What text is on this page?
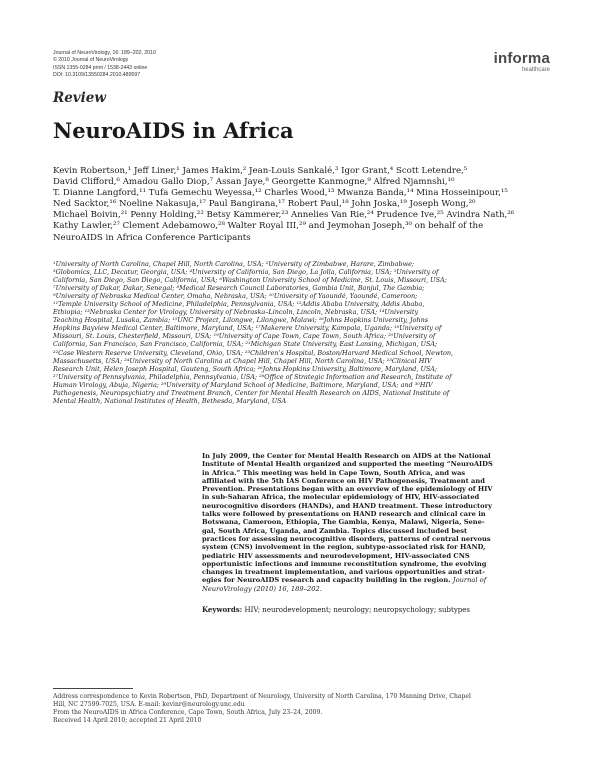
Journal of NeuroVirology, 16: 189–202, 2010
© 2010 Journal of NeuroVirology
ISSN 1355-0284 print / 1538-2443 online
DOI: 10.3109/13550284.2010.489597
informa
healthcare
Review
NeuroAIDS in Africa
Kevin Robertson,¹ Jeff Liner,¹ James Hakim,² Jean-Louis Sankalé,³ Igor Grant,⁴ Scott Letendre,⁵
David Clifford,⁶ Amadou Gallo Diop,⁷ Assan Jaye,⁸ Georgette Kanmogne,⁹ Alfred Njamnshi,¹⁰
T. Dianne Langford,¹¹ Tufa Gemechu Weyessa,¹² Charles Wood,¹³ Mwanza Banda,¹⁴ Mina Hosseinipour,¹⁵
Ned Sacktor,¹⁶ Noeline Nakasuja,¹⁷ Paul Bangirana,¹⁷ Robert Paul,¹⁸ John Joska,¹⁹ Joseph Wong,²⁰
Michael Boivin,²¹ Penny Holding,²² Betsy Kammerer,²³ Annelies Van Rie,²⁴ Prudence Ive,²⁵ Avindra Nath,²⁶
Kathy Lawler,²⁷ Clement Adebamowo,²⁸ Walter Royal III,²⁹ and Jeymohan Joseph,³⁰ on behalf of the
NeuroAIDS in Africa Conference Participants
¹University of North Carolina, Chapel Hill, North Carolina, USA; ²University of Zimbabwe, Harare, Zimbabwe;
³Globomics, LLC, Decatur, Georgia, USA; ⁴University of California, San Diego, La Jolla, California, USA; ⁵University of
California, San Diego, San Diego, California, USA; ⁶Washington University School of Medicine, St. Louis, Missouri, USA;
⁷University of Dakar, Dakar, Senegal; ⁸Medical Research Council Laboratories, Gambia Unit, Banjul, The Gambia;
⁹University of Nebraska Medical Center, Omaha, Nebraska, USA; ¹⁰University of Yaoundé, Yaoundé, Cameroon;
¹¹Temple University School of Medicine, Philadelphia, Pennsylvania, USA; ¹²Addis Ababa University, Addis Ababa,
Ethiopia; ¹³Nebraska Center for Virology, University of Nebraska–Lincoln, Lincoln, Nebraska, USA; ¹⁴University
Teaching Hospital, Lusaka, Zambia; ¹⁵UNC Project, Lilongwe, Lilongwe, Malawi; ¹⁶Johns Hopkins University, Johns
Hopkins Bayview Medical Center, Baltimore, Maryland, USA; ¹⁷Makerere University, Kampala, Uganda; ¹⁸University of
Missouri, St. Louis, Chesterfield, Missouri, USA; ¹⁹University of Cape Town, Cape Town, South Africa; ²⁰University of
California, San Francisco, San Francisco, California, USA; ²¹Michigan State University, East Lansing, Michigan, USA;
²²Case Western Reserve University, Cleveland, Ohio, USA; ²³Children’s Hospital, Boston/Harvard Medical School, Newton,
Massachusetts, USA; ²⁴University of North Carolina at Chapel Hill, Chapel Hill, North Carolina, USA; ²⁵Clinical HIV
Research Unit, Helen Joseph Hospital, Gauteng, South Africa; ²⁶Johns Hopkins University, Baltimore, Maryland, USA;
²⁷University of Pennsylvania, Philadelphia, Pennsylvania, USA; ²⁸Office of Strategic Information and Research, Institute of
Human Virology, Abuja, Nigeria; ²⁹University of Maryland School of Medicine, Baltimore, Maryland, USA; and ³⁰HIV
Pathogenesis, Neuropsychiatry and Treatment Branch, Center for Mental Health Research on AIDS, National Institute of
Mental Health, National Institutes of Health, Bethesda, Maryland, USA
In July 2009, the Center for Mental Health Research on AIDS at the National
Institute of Mental Health organized and supported the meeting “NeuroAIDS
in Africa.” This meeting was held in Cape Town, South Africa, and was
affiliated with the 5th IAS Conference on HIV Pathogenesis, Treatment and
Prevention. Presentations began with an overview of the epidemiology of HIV
in sub-Saharan Africa, the molecular epidemiology of HIV, HIV-associated
neurocognitive disorders (HANDs), and HAND treatment. These introductory
talks were followed by presentations on HAND research and clinical care in
Botswana, Cameroon, Ethiopia, The Gambia, Kenya, Malawi, Nigeria, Sene-
gal, South Africa, Uganda, and Zambia. Topics discussed included best
practices for assessing neurocognitive disorders, patterns of central nervous
system (CNS) involvement in the region, subtype-associated risk for HAND,
pediatric HIV assessments and neurodevelopment, HIV-associated CNS
opportunistic infections and immune reconstitution syndrome, the evolving
changes in treatment implementation, and various opportunities and strat-
egies for NeuroAIDS research and capacity building in the region. Journal of
NeuroVirology (2010) 16, 189–202.
Keywords: HIV; neurodevelopment; neurology; neuropsychology; subtypes
Address correspondence to Kevin Robertson, PhD, Department of Neurology, University of North Carolina, 170 Manning Drive, Chapel
Hill, NC 27599-7025, USA. E-mail: kevinr@neurology.unc.edu
From the NeuroAIDS in Africa Conference, Cape Town, South Africa, July 23–24, 2009.
Received 14 April 2010; accepted 21 April 2010
